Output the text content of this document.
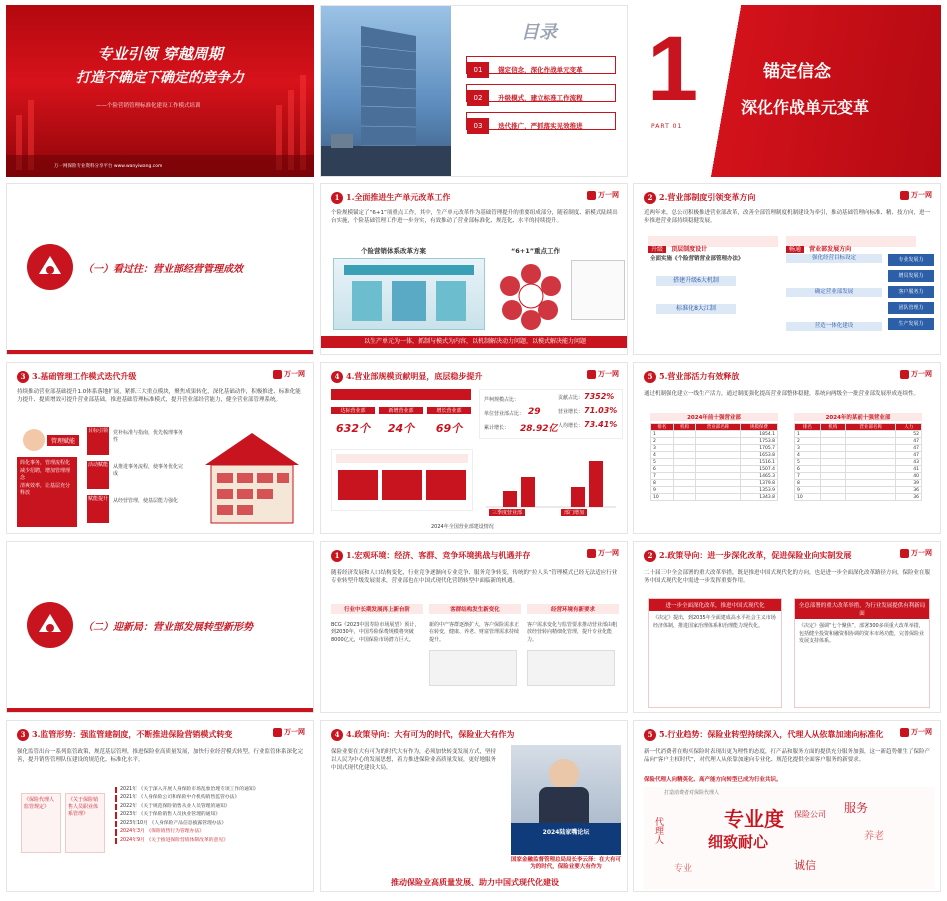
专业引领 穿越周期
打造不确定下确定的竞争力
——个险营销管理标准化建设工作模式培训
万一网保险专业资料分享平台 www.wanyiwang.com
目录
01 锚定信念，深化作战单元变革
02 升级模式，建立标准工作流程
03 迭代推广，严抓落实见效推进
1
PART 01
锚定信念
深化作战单元变革
（一）看过往：营业部经营管理成效
1 1.全面推进生产单元改革工作	万一网
个险规模锚定了“6+1”项重点工作，其中，生产单元改革作为基础管理提升的重要组成部分，随着制度、新模式陆续出台实施，个险基础管理工作进一步夯实，有效推动了营业部标准化、规范化、水平的持续提升。
个险营销体系改革方案	“6+1”重点工作
以生产单元为一体，抓制与模式为内容，以机制解决动力问题，以模式解决能力问题
2 2.营业部制度引领变革方向	万一网
近两年来，总公司积极推进营业部改革，改善全部管理制度机制建设为牵引，推动基础管理向标准、精、技方向，进一步推进营业部持续稳健发展。
升级 顶层制度设计	畅通 营业部发展方向
全面实施《个险营销营业部管理办法》
搭建升级6大机制
标准化8大江制
强化经营目标设定
确定营业部发展
营造一体化建设
专业发展力
增员发展力
客户服务力
团队管理力
生产发展力
3 3.基础管理工作模式迭代升级	万一网
持续推动营业部基础提升1.0体系落地扩展，紧抓三大重点模块，聚焦成果转化，深化基础动作，积极推进、标准化能力提升、提质增效可提升营业部基础，推进基础管理标准模式，提升营业部经营能力，健全营业部管理系统。
管理赋能
简化事务，管理流程化
减少招聘，增加管理理念
清爽效率，让基层充分释放
目标引领 党补标准与指南，优先梳理事务性
活动赋能 从推进事务流程，使事务优化完成
赋能提升 从经营管理，使基层能力强化
4 4.营业部规模贡献明显，底层稳步提升	万一网
达标营业部
632个
新增营业部
24个
增长营业部
69个
芦柯规模占比：
单位营业部占比： 29
累计增长： 28.92亿
贡献占比： 7352%
营业增长： 71.03%
人均增长： 73.41%
三季度营业部	部门增加
2024年全国营业部建设情况
5 5.营业部活力有效释放	万一网
通过机制强化建立一线生产活力，通过制度强化提高营业部整体稳健，系统向两级全一批营业部发展形成连续性。
2024年前十强营业部	2024年的某前十强营业部
排名	机构	营业部名称	规模保费
1			1854.1
2			1753.8
3			1705.7
4			1653.8
5			1516.1
6			1507.4
7			1465.3
8			1379.8
9			1353.9
10			1343.8
排名	机构	营业部名称	人力
1			52
2			47
3			47
4			47
5			43
6			41
7			40
8			39
9			36
10			36
（二）迎新局：营业部发展转型新形势
1 1.宏观环境：经济、客群、竞争环境挑战与机遇并存	万一网
随着经济发展和人口结构变化，行业竞争逐渐向专业竞争、服务竞争转变，传统的“拉人头”管理模式已经无法适应行业专业转型升级发展需求，营业部也在中国式现代化营销转型中面临新的机遇。
行业中长期发展再上新台阶
BCG《2023中国寿险市场展望》预计，到2030年，中国寿险保费规模将突破8000亿元，中国保险市场潜力巨大。
客群结构发生新变化
新的中产客群逐渐扩大，客户保险需求正在转变，健康、养老、财富管理需求持续提升。
经营环境有新要求
客户需求变化与监管要求推动营业部由粗放经营转向精细化管理，提升专业化能力。
2 2.政策导向：进一步深化改革，促进保险业向实制发展	万一网
二十届三中全会部署的重大改革举措，既是推进中国式现代化的方向，也是进一步全面深化改革路径方向，保险业在服务中国式现代化中需进一步发挥重要作用。
进一步全面深化改革，推进中国式现代化
《决定》提出，到2035年全面建成高水平社会主义市场经济体制，推进国家治理体系和治理能力现代化。
全总部署的重大改革举措，为行业发展提供有利新局面
《决定》强调“七个聚焦”，部署300多项重大改革举措，包括健全投资和融资相协调的资本市场功能，完善保险业发展支持体系。
3 3.监管形势：强监管建制度，不断推进保险营销模式转变	万一网
强化监管出台一系列监管政策，规范基层管理，推进保险业高质量发展，加快行业经营模式转型，行业监管体系深化完善，提升销售管理队伍建设的规范化、标准化水平。
《保险代理人监管规定》
《关于保险销售人员职业体系管理》
2021年 《关于深入开展人身保险市场乱象治理专项工作的通知》
2021年 《人身保险公司和保险中介机构销售监管办法》
2022年 《关于规范保险销售从业人员管理的通知》
2023年 《关于保险销售人员执业管理的通知》
2023年10月 《人身保险产品信息披露管理办法》
2024年3月 《保险销售行为管理办法》
2024年9月 《关于推进保险营销体制改革的意见》
4 4.政策导向：大有可为的时代，保险业大有作为
保险业要在大有可为的时代大有作为，必须加快转变发展方式，坚持以人民为中心的发展思想，着力推进保险业高质量发展，更好地服务中国式现代化建设大局。
2024陆家嘴论坛
国家金融监督管理总局局长李云泽：在大有可为的时代，保险业要大有作为
推动保险业高质量发展、助力中国式现代化建设
5 5.行业趋势：保险业转型持续深入，代理人从依靠加速向标准化	万一网
新一代消费者在购买保险时表现出更为理性的态度，打产品和服务方面的提供充分服务加强，这一新趋势催生了保险产品向“客户主权时代”，对代理人从依靠加速向专业化、规范化提供全面客户服务的新要求。
保险代理人向精英化、高产能方向转型已成为行业共识。
打造消费者对保险代理人
专业度
细致耐心
保险公司
代理人
服务
养老
专业	诚信
